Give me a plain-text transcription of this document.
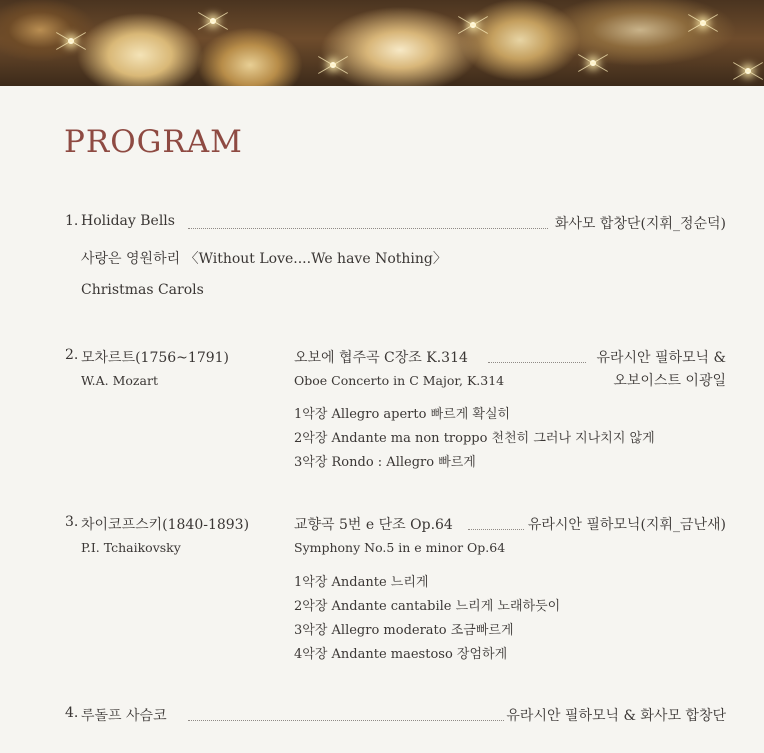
PROGRAM
1. Holiday Bells	화사모 합창단(지휘_정순덕)
사랑은 영원하리 〈Without Love....We have Nothing〉
Christmas Carols
2. 모차르트(1756~1791)
W.A. Mozart
오보에 협주곡 C장조 K.314	유라시안 필하모닉 &
오보이스트 이광일
Oboe Concerto in C Major, K.314
1악장 Allegro aperto 빠르게 확실히
2악장 Andante ma non troppo 천천히 그러나 지나치지 않게
3악장 Rondo : Allegro 빠르게
3. 차이코프스키(1840-1893)
P.I. Tchaikovsky
교향곡 5번 e 단조 Op.64	유라시안 필하모닉(지휘_금난새)
Symphony No.5 in e minor Op.64
1악장 Andante 느리게
2악장 Andante cantabile 느리게 노래하듯이
3악장 Allegro moderato 조금빠르게
4악장 Andante maestoso 장엄하게
4. 루돌프 사슴코	유라시안 필하모닉 & 화사모 합창단
